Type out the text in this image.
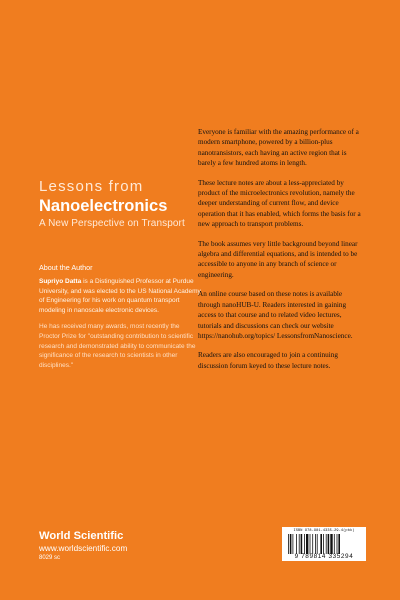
Lessons from
Nanoelectronics
A New Perspective on Transport
About the Author

Supriyo Datta is a Distinguished Professor at Purdue University, and was elected to the US National Academy of Engineering for his work on quantum transport modeling in nanoscale electronic devices.

He has received many awards, most recently the Proctor Prize for "outstanding contribution to scientific research and demonstrated ability to communicate the significance of the research to scientists in other disciplines."

Everyone is familiar with the amazing performance of a modern smartphone, powered by a billion-plus nanotransistors, each having an active region that is barely a few hundred atoms in length.

These lecture notes are about a less-appreciated by product of the microelectronics revolution, namely the deeper understanding of current flow, and device operation that it has enabled, which forms the basis for a new approach to transport problems.

The book assumes very little background beyond linear algebra and differential equations, and is intended to be accessible to anyone in any branch of science or engineering.

An online course based on these notes is available through nanoHUB-U. Readers interested in gaining access to that course and to related video lectures, tutorials and discussions can check our website https://nanohub.org/topics/ LessonsfromNanoscience.

Readers are also encouraged to join a continuing discussion forum keyed to these lecture notes.

World Scientific
www.worldscientific.com
8029 sc
ISBN 978-981-4335-29-4(pbk)
9 789814 335294
